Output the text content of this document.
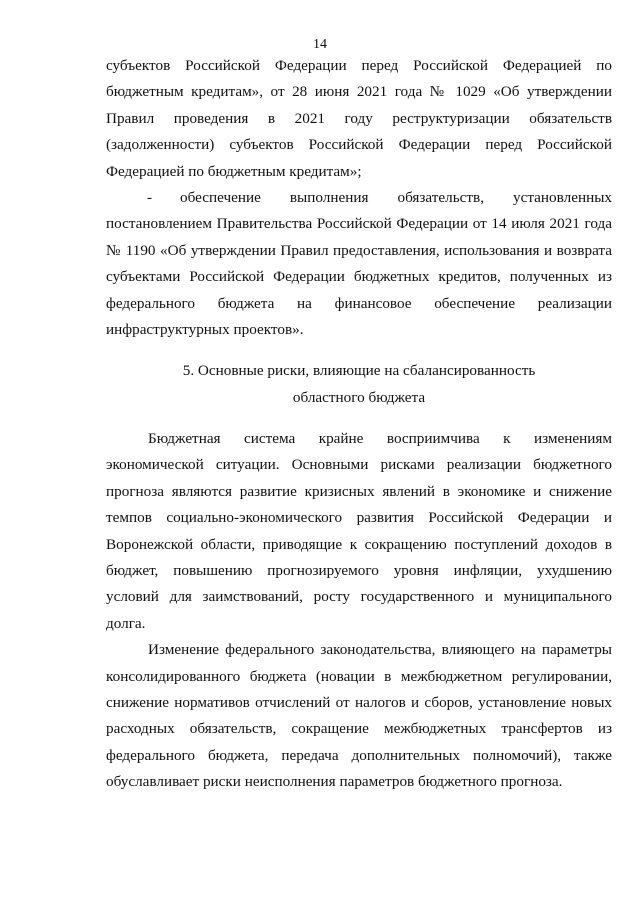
14
субъектов Российской Федерации перед Российской Федерацией по
бюджетным кредитам», от 28 июня 2021 года № 1029 «Об утверждении
Правил проведения в 2021 году реструктуризации обязательств
(задолженности) субъектов Российской Федерации перед Российской
Федерацией по бюджетным кредитам»;
- обеспечение выполнения обязательств, установленных
постановлением Правительства Российской Федерации от 14 июля 2021 года
№ 1190 «Об утверждении Правил предоставления, использования и возврата
субъектами Российской Федерации бюджетных кредитов, полученных из
федерального бюджета на финансовое обеспечение реализации
инфраструктурных проектов».
5. Основные риски, влияющие на сбалансированность
областного бюджета
Бюджетная система крайне восприимчива к изменениям
экономической ситуации. Основными рисками реализации бюджетного
прогноза являются развитие кризисных явлений в экономике и снижение
темпов социально-экономического развития Российской Федерации и
Воронежской области, приводящие к сокращению поступлений доходов в
бюджет, повышению прогнозируемого уровня инфляции, ухудшению
условий для заимствований, росту государственного и муниципального
долга.
Изменение федерального законодательства, влияющего на параметры
консолидированного бюджета (новации в межбюджетном регулировании,
снижение нормативов отчислений от налогов и сборов, установление новых
расходных обязательств, сокращение межбюджетных трансфертов из
федерального бюджета, передача дополнительных полномочий), также
обуславливает риски неисполнения параметров бюджетного прогноза.
